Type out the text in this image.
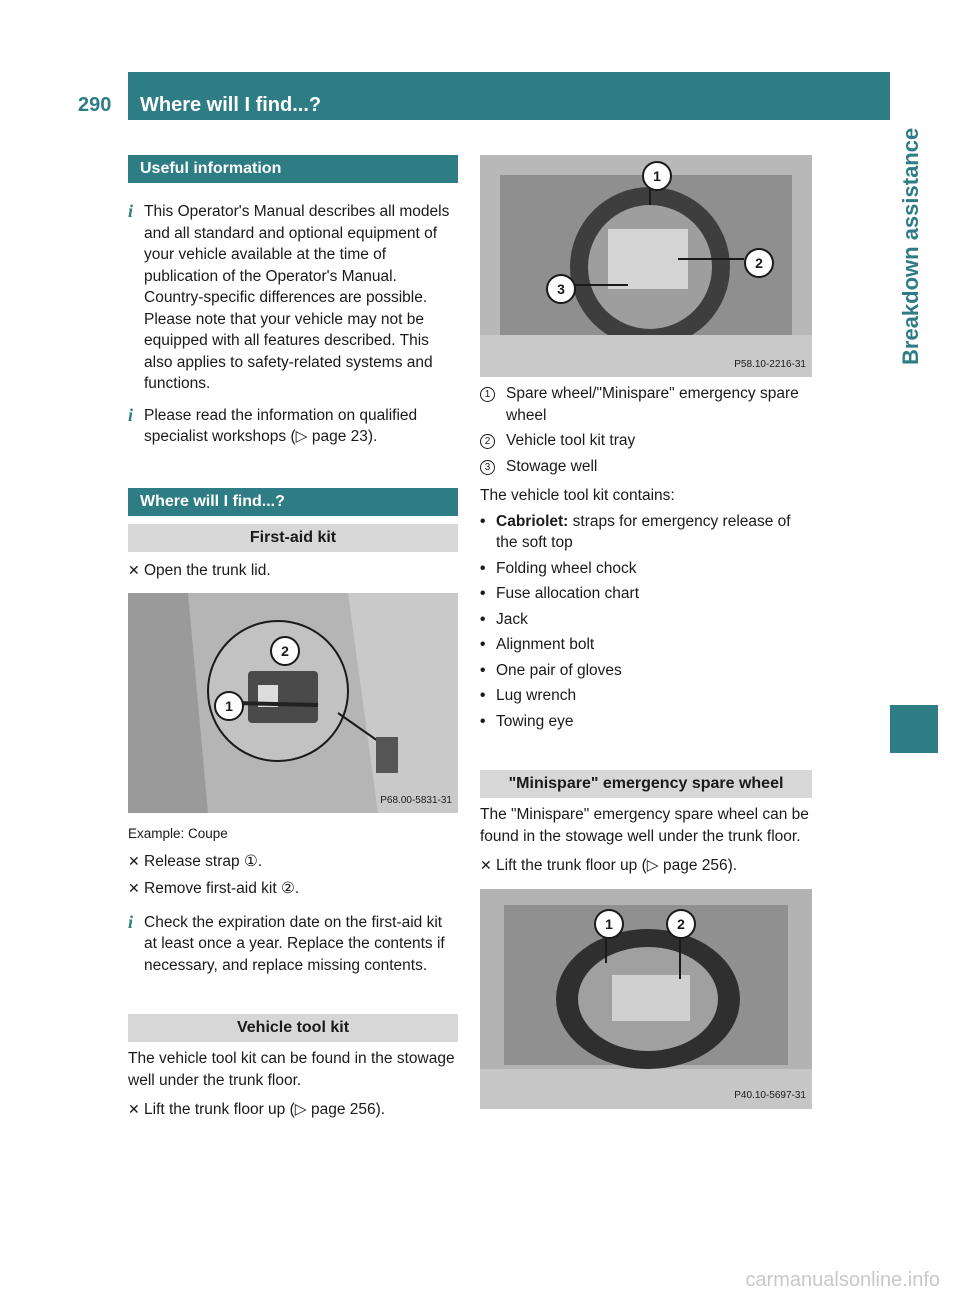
290	Where will I find...?
Breakdown assistance
Useful information
i This Operator's Manual describes all models and all standard and optional equipment of your vehicle available at the time of publication of the Operator's Manual. Country-specific differences are possible. Please note that your vehicle may not be equipped with all features described. This also applies to safety-related systems and functions.

i Please read the information on qualified specialist workshops (▷ page 23).

Where will I find...?
First-aid kit
✕ Open the trunk lid.
2
1
P68.00-5831-31
Example: Coupe
✕ Release strap ①.
✕ Remove first-aid kit ②.
i Check the expiration date on the first-aid kit at least once a year. Replace the contents if necessary, and replace missing contents.

Vehicle tool kit

The vehicle tool kit can be found in the stowage well under the trunk floor.

✕ Lift the trunk floor up (▷ page 256).
1
2
3
P58.10-2216-31
1	Spare wheel/"Minispare" emergency spare wheel
2	Vehicle tool kit tray
3	Stowage well

The vehicle tool kit contains:

• Cabriolet: straps for emergency release of the soft top
• Folding wheel chock
• Fuse allocation chart
• Jack
• Alignment bolt
• One pair of gloves
• Lug wrench
• Towing eye
"Minispare" emergency spare wheel

The "Minispare" emergency spare wheel can be found in the stowage well under the trunk floor.

✕ Lift the trunk floor up (▷ page 256).
1	2
P40.10-5697-31
carmanualsonline.info
